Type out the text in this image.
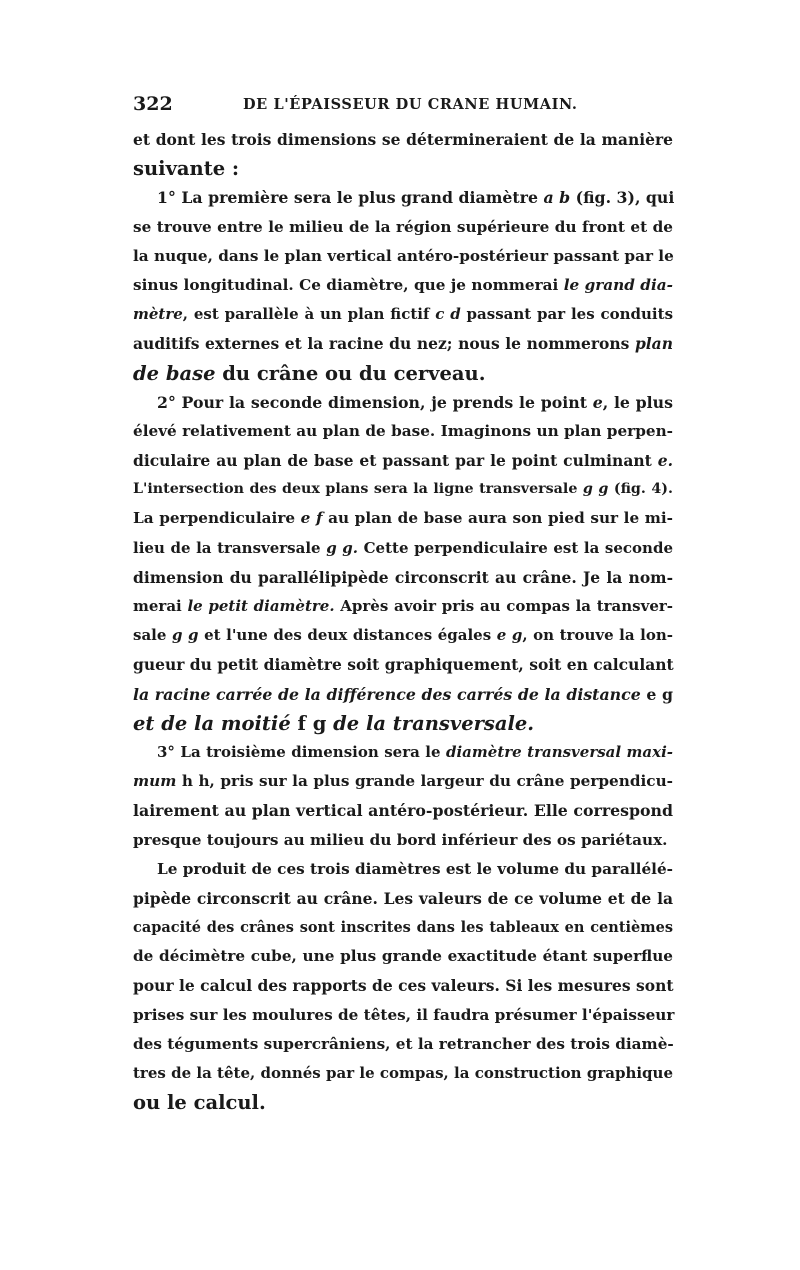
322	DE L'ÉPAISSEUR DU CRANE HUMAIN.
et dont les trois dimensions se détermineraient de la manière
suivante :
1° La première sera le plus grand diamètre a b (fig. 3), qui
se trouve entre le milieu de la région supérieure du front et de
la nuque, dans le plan vertical antéro-postérieur passant par le
sinus longitudinal. Ce diamètre, que je nommerai le grand dia-
mètre, est parallèle à un plan fictif c d passant par les conduits
auditifs externes et la racine du nez; nous le nommerons plan
de base du crâne ou du cerveau.
2° Pour la seconde dimension, je prends le point e, le plus
élevé relativement au plan de base. Imaginons un plan perpen-
diculaire au plan de base et passant par le point culminant e.
L'intersection des deux plans sera la ligne transversale g g (fig. 4).
La perpendiculaire e f au plan de base aura son pied sur le mi-
lieu de la transversale g g. Cette perpendiculaire est la seconde
dimension du parallélipipède circonscrit au crâne. Je la nom-
merai le petit diamètre. Après avoir pris au compas la transver-
sale g g et l'une des deux distances égales e g, on trouve la lon-
gueur du petit diamètre soit graphiquement, soit en calculant
la racine carrée de la différence des carrés de la distance e g
et de la moitié f g de la transversale.
3° La troisième dimension sera le diamètre transversal maxi-
mum h h, pris sur la plus grande largeur du crâne perpendicu-
lairement au plan vertical antéro-postérieur. Elle correspond
presque toujours au milieu du bord inférieur des os pariétaux.
Le produit de ces trois diamètres est le volume du parallélé-
pipède circonscrit au crâne. Les valeurs de ce volume et de la
capacité des crânes sont inscrites dans les tableaux en centièmes
de décimètre cube, une plus grande exactitude étant superflue
pour le calcul des rapports de ces valeurs. Si les mesures sont
prises sur les moulures de têtes, il faudra présumer l'épaisseur
des téguments supercrâniens, et la retrancher des trois diamè-
tres de la tête, donnés par le compas, la construction graphique
ou le calcul.
